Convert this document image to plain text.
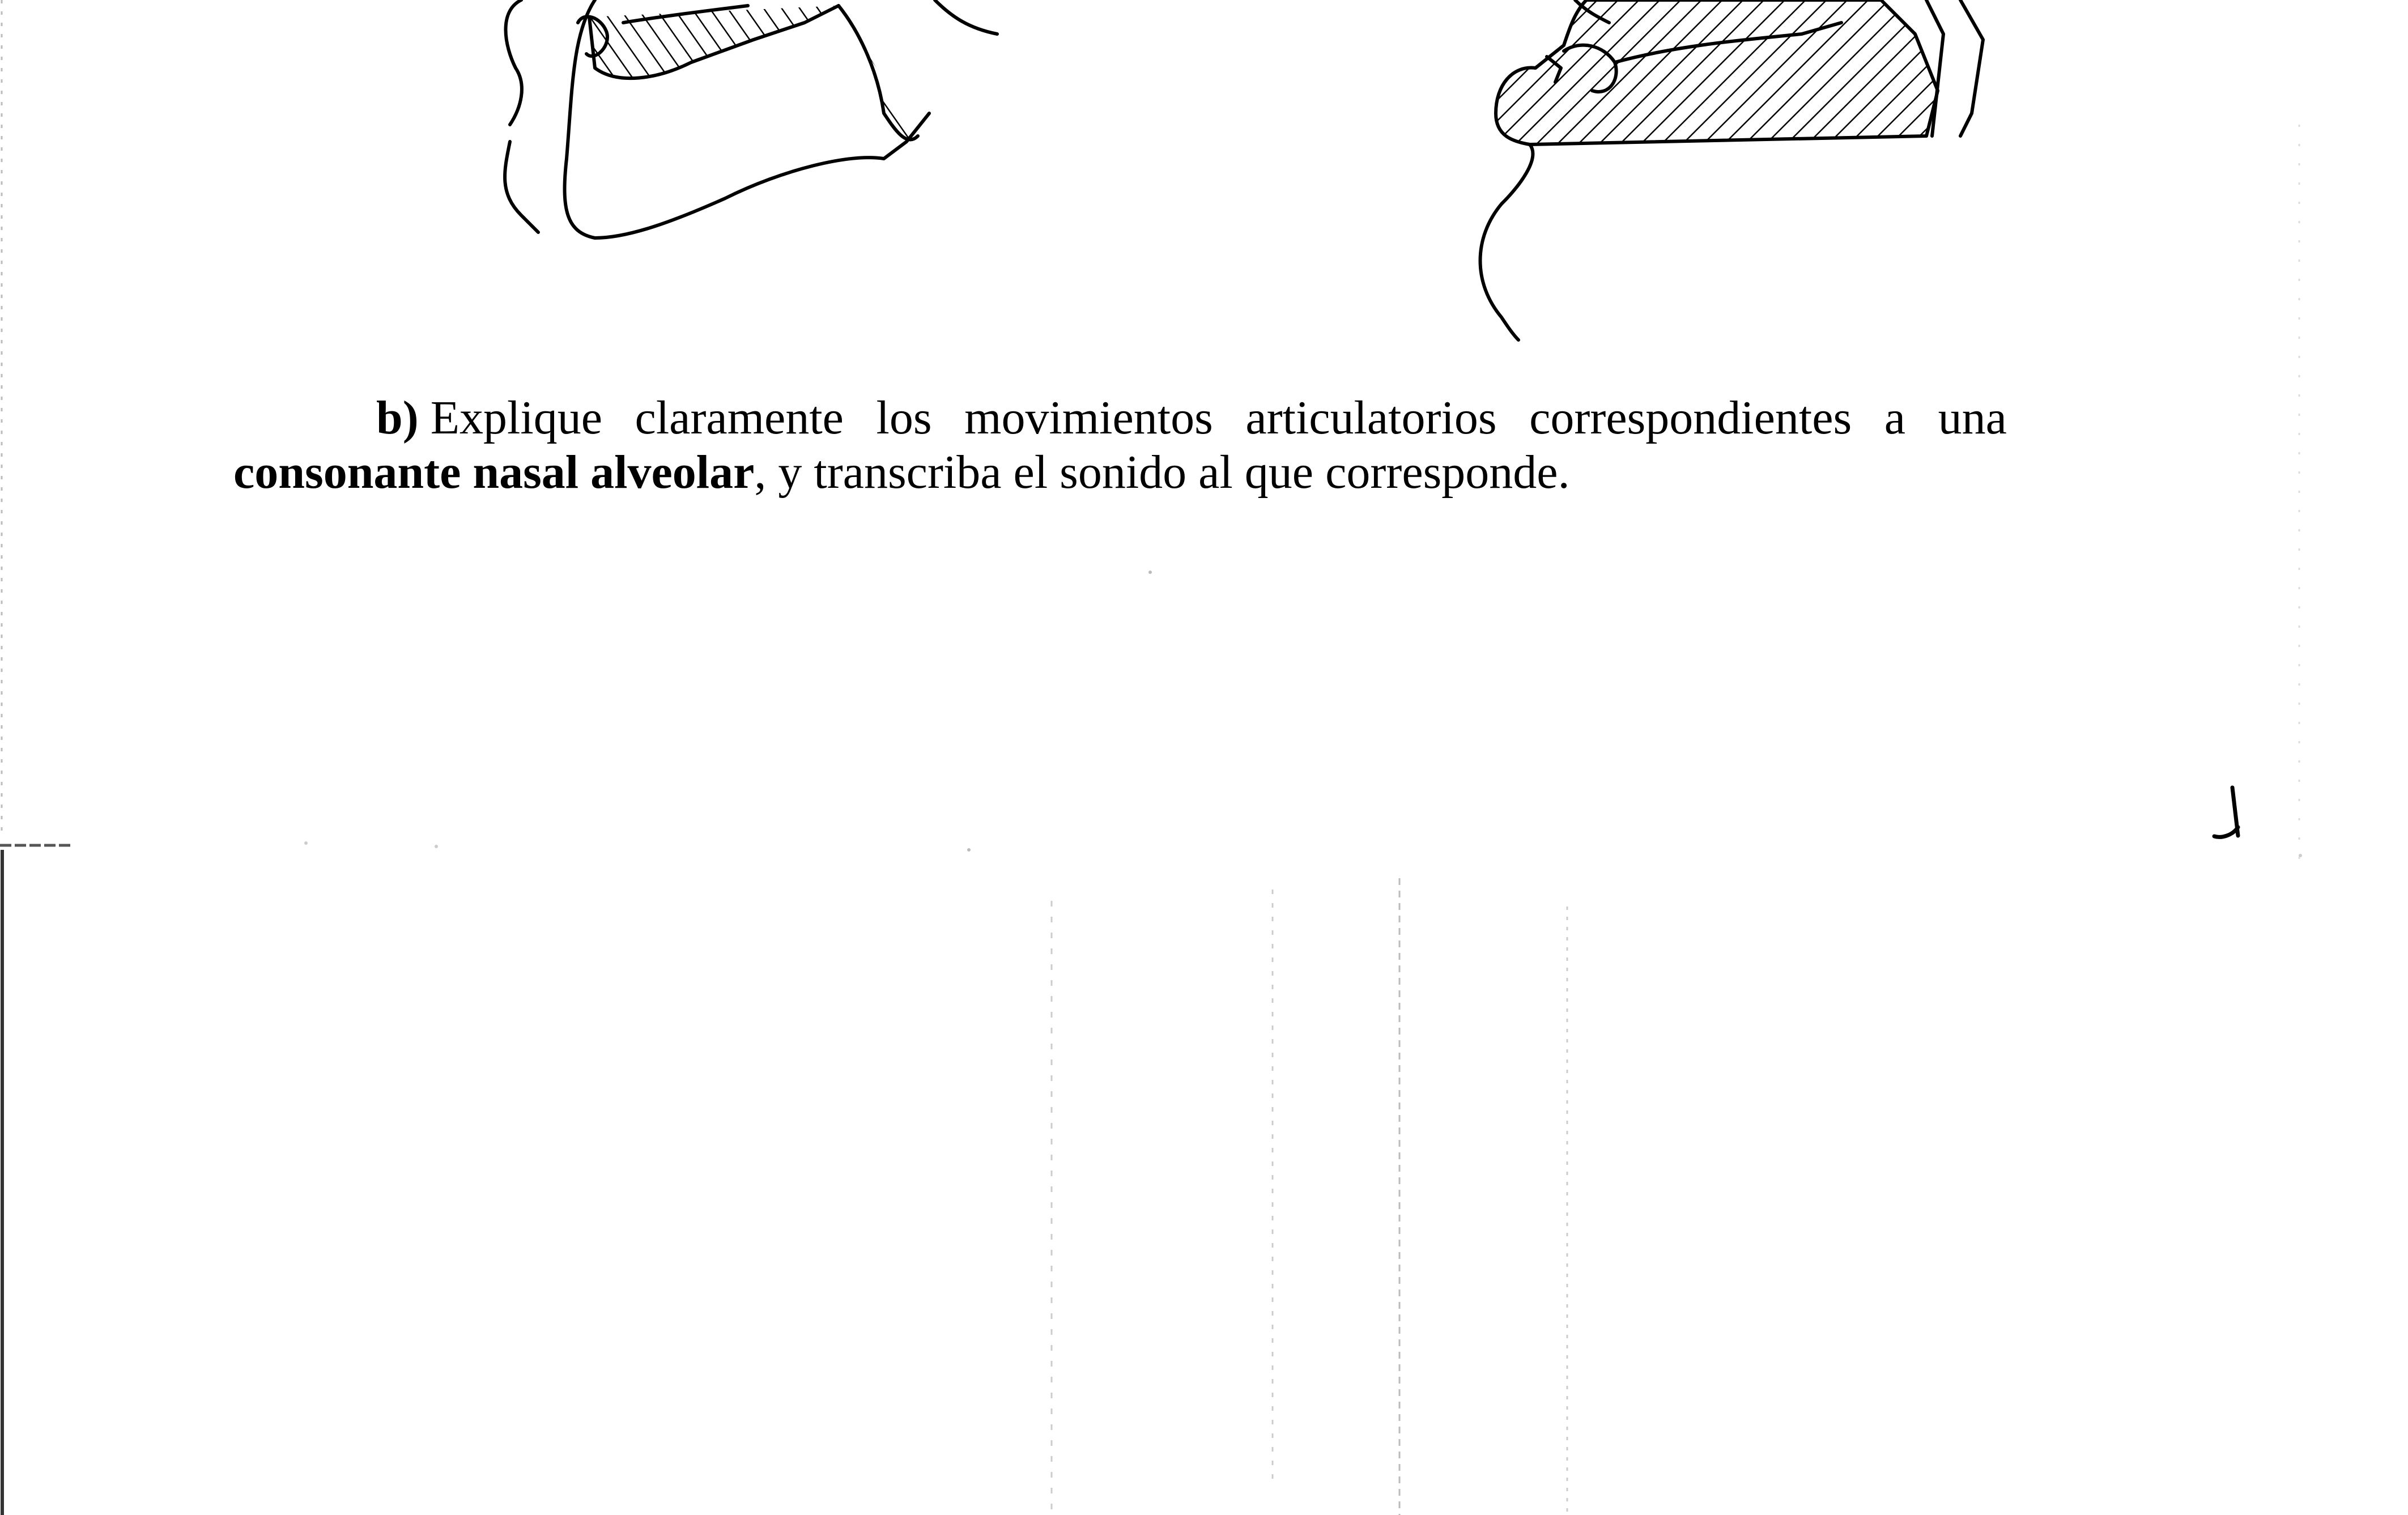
b) Explique claramente los movimientos articulatorios correspondientes a una
consonante nasal alveolar, y transcriba el sonido al que corresponde.
